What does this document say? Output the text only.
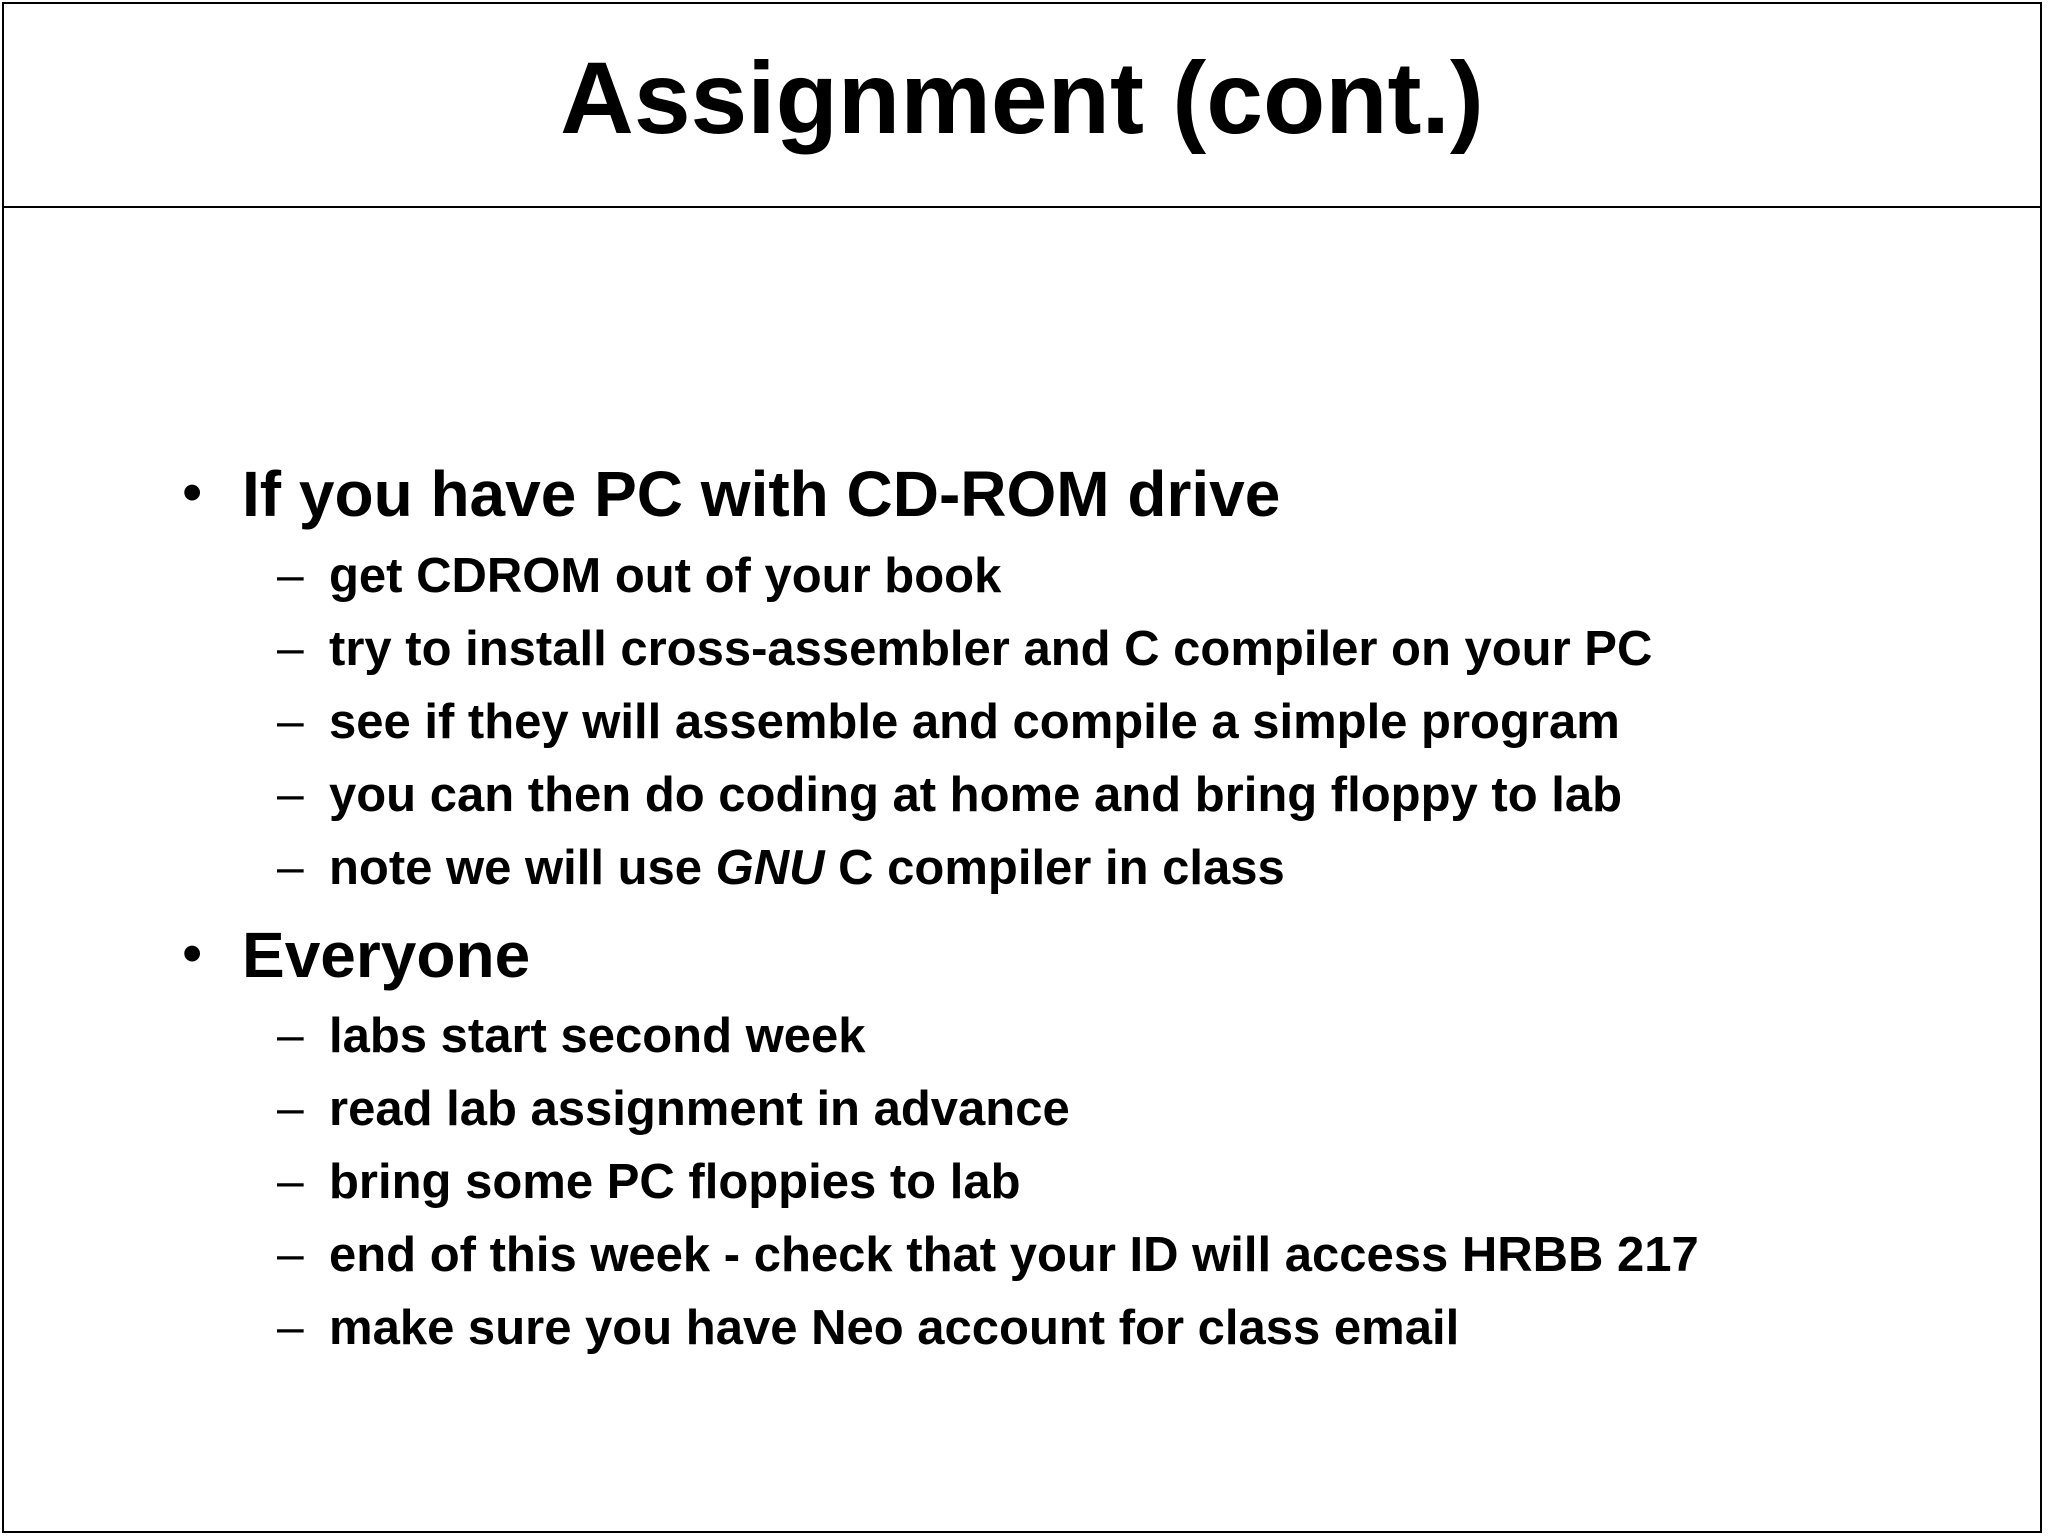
Assignment (cont.)
• If you have PC with CD-ROM drive
– get CDROM out of your book
– try to install cross-assembler and C compiler on your PC
– see if they will assemble and compile a simple program
– you can then do coding at home and bring floppy to lab
– note we will use GNU C compiler in class
• Everyone
– labs start second week
– read lab assignment in advance
– bring some PC floppies to lab
– end of this week - check that your ID will access HRBB 217
– make sure you have Neo account for class email
